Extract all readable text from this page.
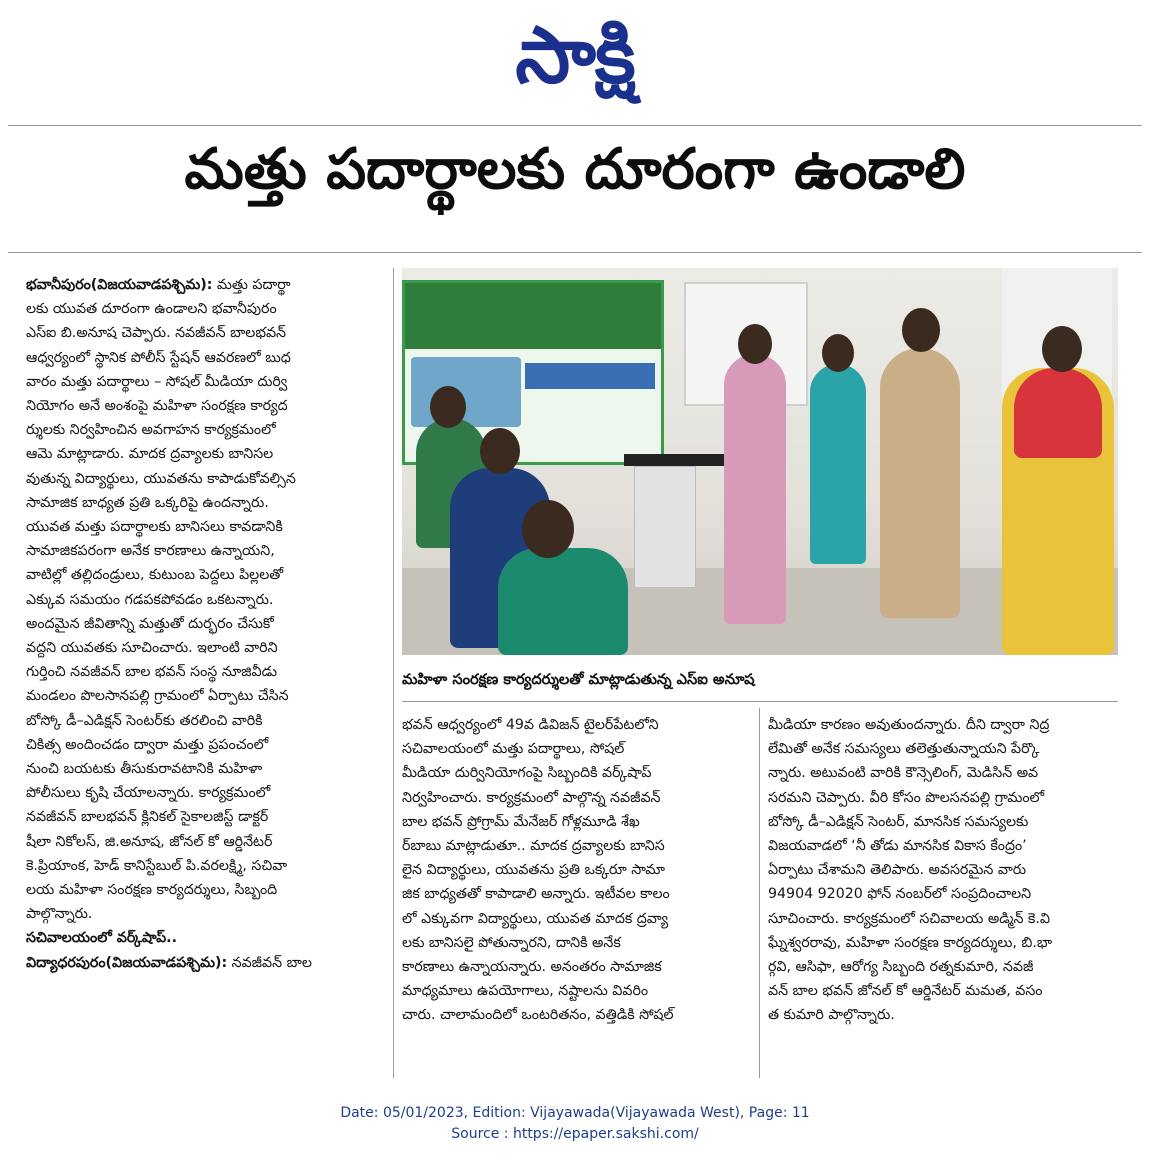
సాక్షి
మత్తు పదార్థాలకు దూరంగా ఉండాలి
భవానీపురం(విజయవాడపశ్చిమ): మత్తు పదార్థా
లకు యువత దూరంగా ఉండాలని భవానీపురం
ఎస్‌ఐ బి.అనూష చెప్పారు. నవజీవన్ బాలభవన్
ఆధ్వర్యంలో స్థానిక పోలీస్ స్టేషన్ ఆవరణలో బుధ
వారం మత్తు పదార్థాలు – సోషల్ మీడియా దుర్వి
నియోగం అనే అంశంపై మహిళా సంరక్షణ కార్యద
ర్శులకు నిర్వహించిన అవగాహన కార్యక్రమంలో
ఆమె మాట్లాడారు. మాదక ద్రవ్యాలకు బానిసల
వుతున్న విద్యార్థులు, యువతను కాపాడుకోవల్సిన
సామాజిక బాధ్యత ప్రతి ఒక్కరిపై ఉందన్నారు.
యువత మత్తు పదార్థాలకు బానిసలు కావడానికి
సామాజికపరంగా అనేక కారణాలు ఉన్నాయని,
వాటిల్లో తల్లిదండ్రులు, కుటుంబ పెద్దలు పిల్లలతో
ఎక్కువ సమయం గడపకపోవడం ఒకటన్నారు.
అందమైన జీవితాన్ని మత్తుతో దుర్భరం చేసుకో
వద్దని యువతకు సూచించారు. ఇలాంటి వారిని
గుర్తించి నవజీవన్ బాల భవన్ సంస్థ నూజివీడు
మండలం పొలసానపల్లి గ్రామంలో ఏర్పాటు చేసిన
బోస్కో డీ–ఎడిక్షన్ సెంటర్‌కు తరలించి వారికి
చికిత్స అందించడం ద్వారా మత్తు ప్రపంచంలో
నుంచి బయటకు తీసుకురావటానికి మహిళా
పోలీసులు కృషి చేయాలన్నారు. కార్యక్రమంలో
నవజీవన్ బాలభవన్ క్లినికల్ సైకాలజిస్ట్ డాక్టర్
షీలా నికోలస్, జి.అనూష, జోనల్ కో ఆర్డినేటర్
కె.ప్రియాంక, హెడ్ కానిస్టేబుల్ పి.వరలక్ష్మి, సచివా
లయ మహిళా సంరక్షణ కార్యదర్శులు, సిబ్బంది
పాల్గొన్నారు.
సచివాలయంలో వర్క్‌షాప్..
విద్యాధరపురం(విజయవాడపశ్చిమ): నవజీవన్ బాల
మహిళా సంరక్షణ కార్యదర్శులతో మాట్లాడుతున్న ఎస్‌ఐ అనూష
భవన్ ఆధ్వర్యంలో 49వ డివిజన్ టైలర్‌పేటలోని
సచివాలయంలో మత్తు పదార్థాలు, సోషల్
మీడియా దుర్వినియోగంపై సిబ్బందికి వర్క్‌షాప్
నిర్వహించారు. కార్యక్రమంలో పాల్గొన్న నవజీవన్
బాల భవన్ ప్రోగ్రామ్ మేనేజర్ గోళ్లమూడి శేఖ
ర్‌బాబు మాట్లాడుతూ.. మాదక ద్రవ్యాలకు బానిస
లైన విద్యార్థులు, యువతను ప్రతి ఒక్కరూ సామా
జిక బాధ్యతతో కాపాడాలి అన్నారు. ఇటీవల కాలం
లో ఎక్కువగా విద్యార్థులు, యువత మాదక ద్రవ్యా
లకు బానిసలై పోతున్నారని, దానికి అనేక
కారణాలు ఉన్నాయన్నారు. అనంతరం సామాజిక
మాధ్యమాలు ఉపయోగాలు, నష్టాలను వివరిం
చారు. చాలామందిలో ఒంటరితనం, వత్తిడికి సోషల్
మీడియా కారణం అవుతుందన్నారు. దీని ద్వారా నిద్ర
లేమితో అనేక సమస్యలు తలెత్తుతున్నాయని పేర్కొ
న్నారు. అటువంటి వారికి కౌన్సెలింగ్, మెడిసిన్ అవ
సరమని చెప్పారు. వీరి కోసం పొలసనపల్లి గ్రామంలో
బోస్కో డీ–ఎడిక్షన్ సెంటర్, మానసిక సమస్యలకు
విజయవాడలో ‘నీ తోడు మానసిక వికాస కేంద్రం’
ఏర్పాటు చేశామని తెలిపారు. అవసరమైన వారు
94904 92020 ఫోన్ నంబర్‌లో సంప్రదించాలని
సూచించారు. కార్యక్రమంలో సచివాలయ అడ్మిన్ కె.వి
ఘ్నేశ్వరరావు, మహిళా సంరక్షణ కార్యదర్శులు, బి.భా
ర్గవి, ఆసిఫా, ఆరోగ్య సిబ్బంది రత్నకుమారి, నవజీ
వన్ బాల భవన్ జోనల్ కో ఆర్డినేటర్ మమత, వసం
త కుమారి పాల్గొన్నారు.
Date: 05/01/2023, Edition: Vijayawada(Vijayawada West), Page: 11
Source : https://epaper.sakshi.com/
